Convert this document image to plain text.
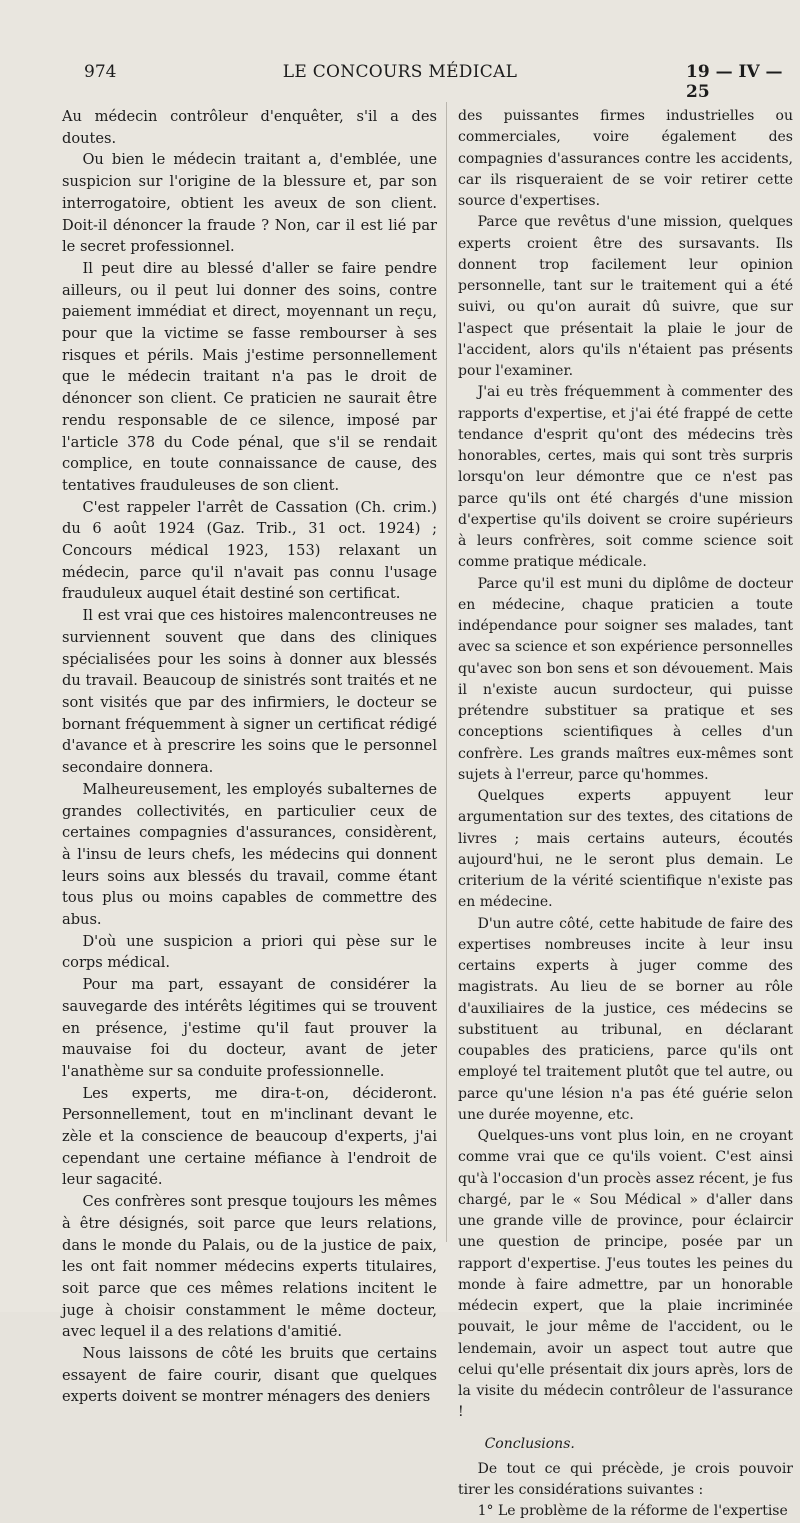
974	LE CONCOURS MÉDICAL	19 — IV — 25

Au médecin contrôleur d'enquêter, s'il a des doutes.

Ou bien le médecin traitant a, d'emblée, une suspicion sur l'origine de la blessure et, par son interrogatoire, obtient les aveux de son client. Doit-il dénoncer la fraude ? Non, car il est lié par le secret professionnel.

Il peut dire au blessé d'aller se faire pendre ailleurs, ou il peut lui donner des soins, contre paiement immédiat et direct, moyennant un reçu, pour que la victime se fasse rembourser à ses risques et périls. Mais j'estime personnellement que le médecin traitant n'a pas le droit de dénoncer son client. Ce praticien ne saurait être rendu responsable de ce silence, imposé par l'article 378 du Code pénal, que s'il se rendait complice, en toute connaissance de cause, des tentatives frauduleuses de son client.

C'est rappeler l'arrêt de Cassation (Ch. crim.) du 6 août 1924 (Gaz. Trib., 31 oct. 1924) ; Concours médical 1923, 153) relaxant un médecin, parce qu'il n'avait pas connu l'usage frauduleux auquel était destiné son certificat.

Il est vrai que ces histoires malencontreuses ne surviennent souvent que dans des cliniques spécialisées pour les soins à donner aux blessés du travail. Beaucoup de sinistrés sont traités et ne sont visités que par des infirmiers, le docteur se bornant fréquemment à signer un certificat rédigé d'avance et à prescrire les soins que le personnel secondaire donnera.

Malheureusement, les employés subalternes de grandes collectivités, en particulier ceux de certaines compagnies d'assurances, considèrent, à l'insu de leurs chefs, les médecins qui donnent leurs soins aux blessés du travail, comme étant tous plus ou moins capables de commettre des abus.

D'où une suspicion a priori qui pèse sur le corps médical.

Pour ma part, essayant de considérer la sauvegarde des intérêts légitimes qui se trouvent en présence, j'estime qu'il faut prouver la mauvaise foi du docteur, avant de jeter l'anathème sur sa conduite professionnelle.

Les experts, me dira-t-on, décideront. Personnellement, tout en m'inclinant devant le zèle et la conscience de beaucoup d'experts, j'ai cependant une certaine méfiance à l'endroit de leur sagacité.

Ces confrères sont presque toujours les mêmes à être désignés, soit parce que leurs relations, dans le monde du Palais, ou de la justice de paix, les ont fait nommer médecins experts titulaires, soit parce que ces mêmes relations incitent le juge à choisir constamment le même docteur, avec lequel il a des relations d'amitié.

Nous laissons de côté les bruits que certains essayent de faire courir, disant que quelques experts doivent se montrer ménagers des deniers

des puissantes firmes industrielles ou commerciales, voire également des compagnies d'assurances contre les accidents, car ils risqueraient de se voir retirer cette source d'expertises.

Parce que revêtus d'une mission, quelques experts croient être des sursavants. Ils donnent trop facilement leur opinion personnelle, tant sur le traitement qui a été suivi, ou qu'on aurait dû suivre, que sur l'aspect que présentait la plaie le jour de l'accident, alors qu'ils n'étaient pas présents pour l'examiner.

J'ai eu très fréquemment à commenter des rapports d'expertise, et j'ai été frappé de cette tendance d'esprit qu'ont des médecins très honorables, certes, mais qui sont très surpris lorsqu'on leur démontre que ce n'est pas parce qu'ils ont été chargés d'une mission d'expertise qu'ils doivent se croire supérieurs à leurs confrères, soit comme science soit comme pratique médicale.

Parce qu'il est muni du diplôme de docteur en médecine, chaque praticien a toute indépendance pour soigner ses malades, tant avec sa science et son expérience personnelles qu'avec son bon sens et son dévouement. Mais il n'existe aucun surdocteur, qui puisse prétendre substituer sa pratique et ses conceptions scientifiques à celles d'un confrère. Les grands maîtres eux-mêmes sont sujets à l'erreur, parce qu'hommes.

Quelques experts appuyent leur argumentation sur des textes, des citations de livres ; mais certains auteurs, écoutés aujourd'hui, ne le seront plus demain. Le criterium de la vérité scientifique n'existe pas en médecine.

D'un autre côté, cette habitude de faire des expertises nombreuses incite à leur insu certains experts à juger comme des magistrats. Au lieu de se borner au rôle d'auxiliaires de la justice, ces médecins se substituent au tribunal, en déclarant coupables des praticiens, parce qu'ils ont employé tel traitement plutôt que tel autre, ou parce qu'une lésion n'a pas été guérie selon une durée moyenne, etc.

Quelques-uns vont plus loin, en ne croyant comme vrai que ce qu'ils voient. C'est ainsi qu'à l'occasion d'un procès assez récent, je fus chargé, par le « Sou Médical » d'aller dans une grande ville de province, pour éclaircir une question de principe, posée par un rapport d'expertise. J'eus toutes les peines du monde à faire admettre, par un honorable médecin expert, que la plaie incriminée pouvait, le jour même de l'accident, ou le lendemain, avoir un aspect tout autre que celui qu'elle présentait dix jours après, lors de la visite du médecin contrôleur de l'assurance !

Conclusions.

De tout ce qui précède, je crois pouvoir tirer les considérations suivantes :

1° Le problème de la réforme de l'expertise
